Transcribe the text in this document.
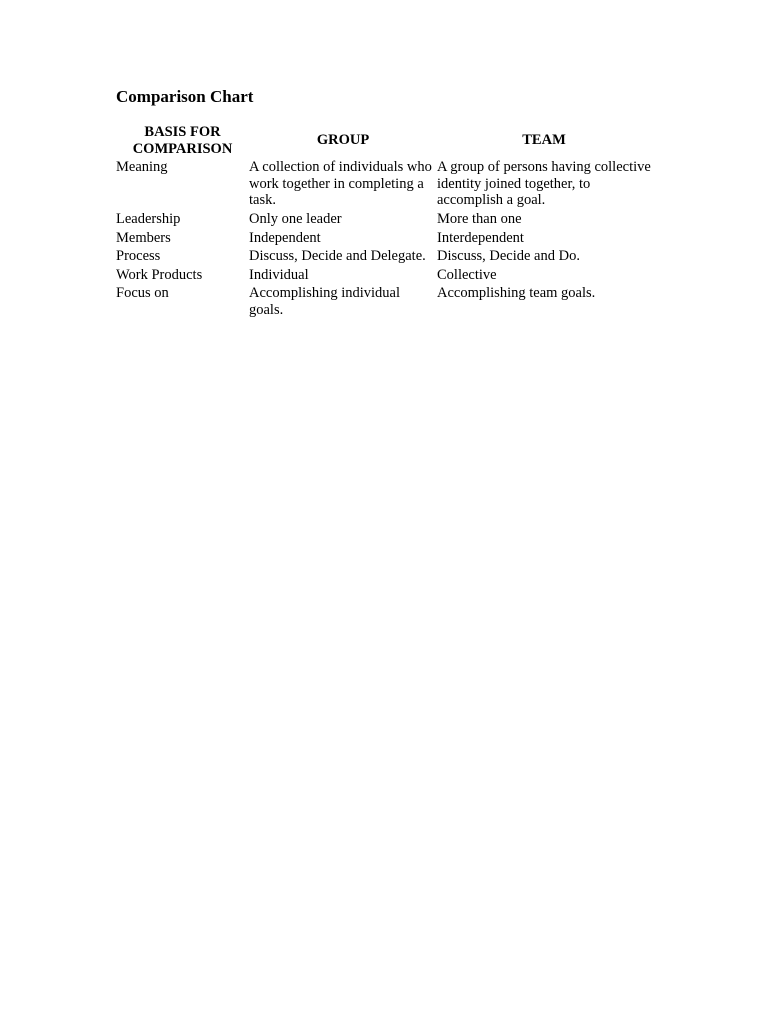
Comparison Chart
BASIS FOR
COMPARISON	GROUP	TEAM
Meaning	A collection of individuals who work together in completing a task.	A group of persons having collective identity joined together, to accomplish a goal.
Leadership	Only one leader	More than one
Members	Independent	Interdependent
Process	Discuss, Decide and Delegate.	Discuss, Decide and Do.
Work Products	Individual	Collective
Focus on	Accomplishing individual goals.	Accomplishing team goals.
